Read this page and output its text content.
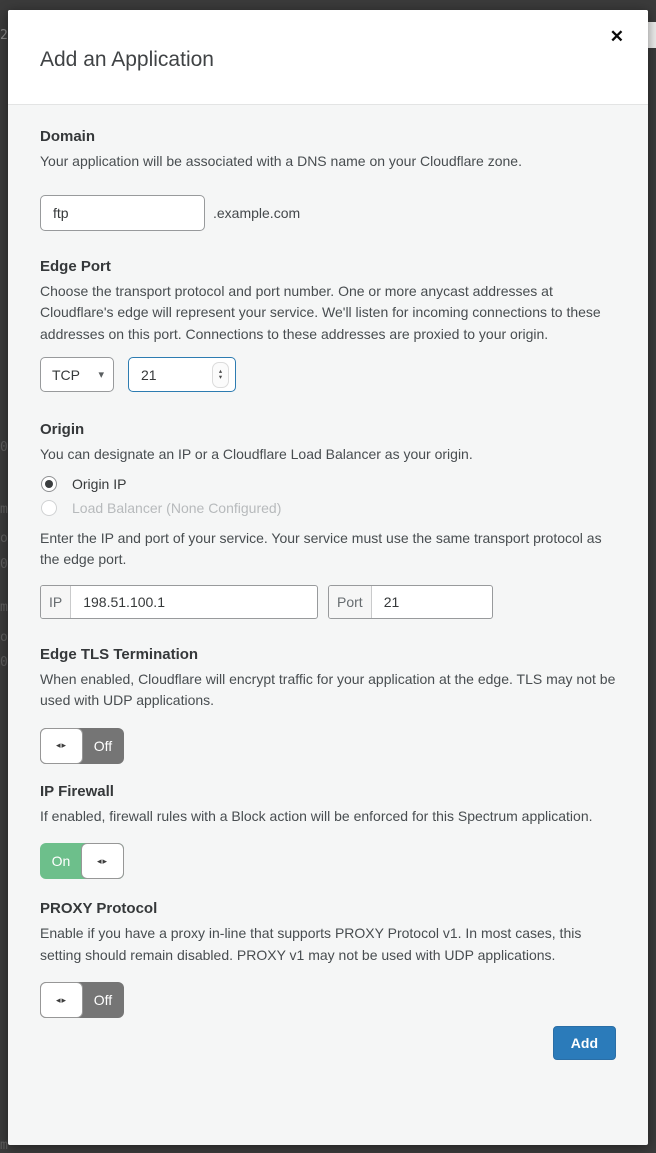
2
0
m
o
0
m
o
0
m
Add an Application
✕
Domain
Your application will be associated with a DNS name on your Cloudflare zone.
ftp
.example.com
Edge Port
Choose the transport protocol and port number. One or more anycast addresses at Cloudflare's edge will represent your service. We'll listen for incoming connections to these addresses on this port. Connections to these addresses are proxied to your origin.
TCP ▾	21	▴
▾
Origin
You can designate an IP or a Cloudflare Load Balancer as your origin.
Origin IP
Load Balancer (None Configured)
Enter the IP and port of your service. Your service must use the same transport protocol as the edge port.
IP	198.51.100.1	Port	21
Edge TLS Termination
When enabled, Cloudflare will encrypt traffic for your application at the edge. TLS may not be used with UDP applications.
Off
◂▸
IP Firewall
If enabled, firewall rules with a Block action will be enforced for this Spectrum application.
On	◂▸
PROXY Protocol
Enable if you have a proxy in-line that supports PROXY Protocol v1. In most cases, this setting should remain disabled. PROXY v1 may not be used with UDP applications.
Off
◂▸
Add
